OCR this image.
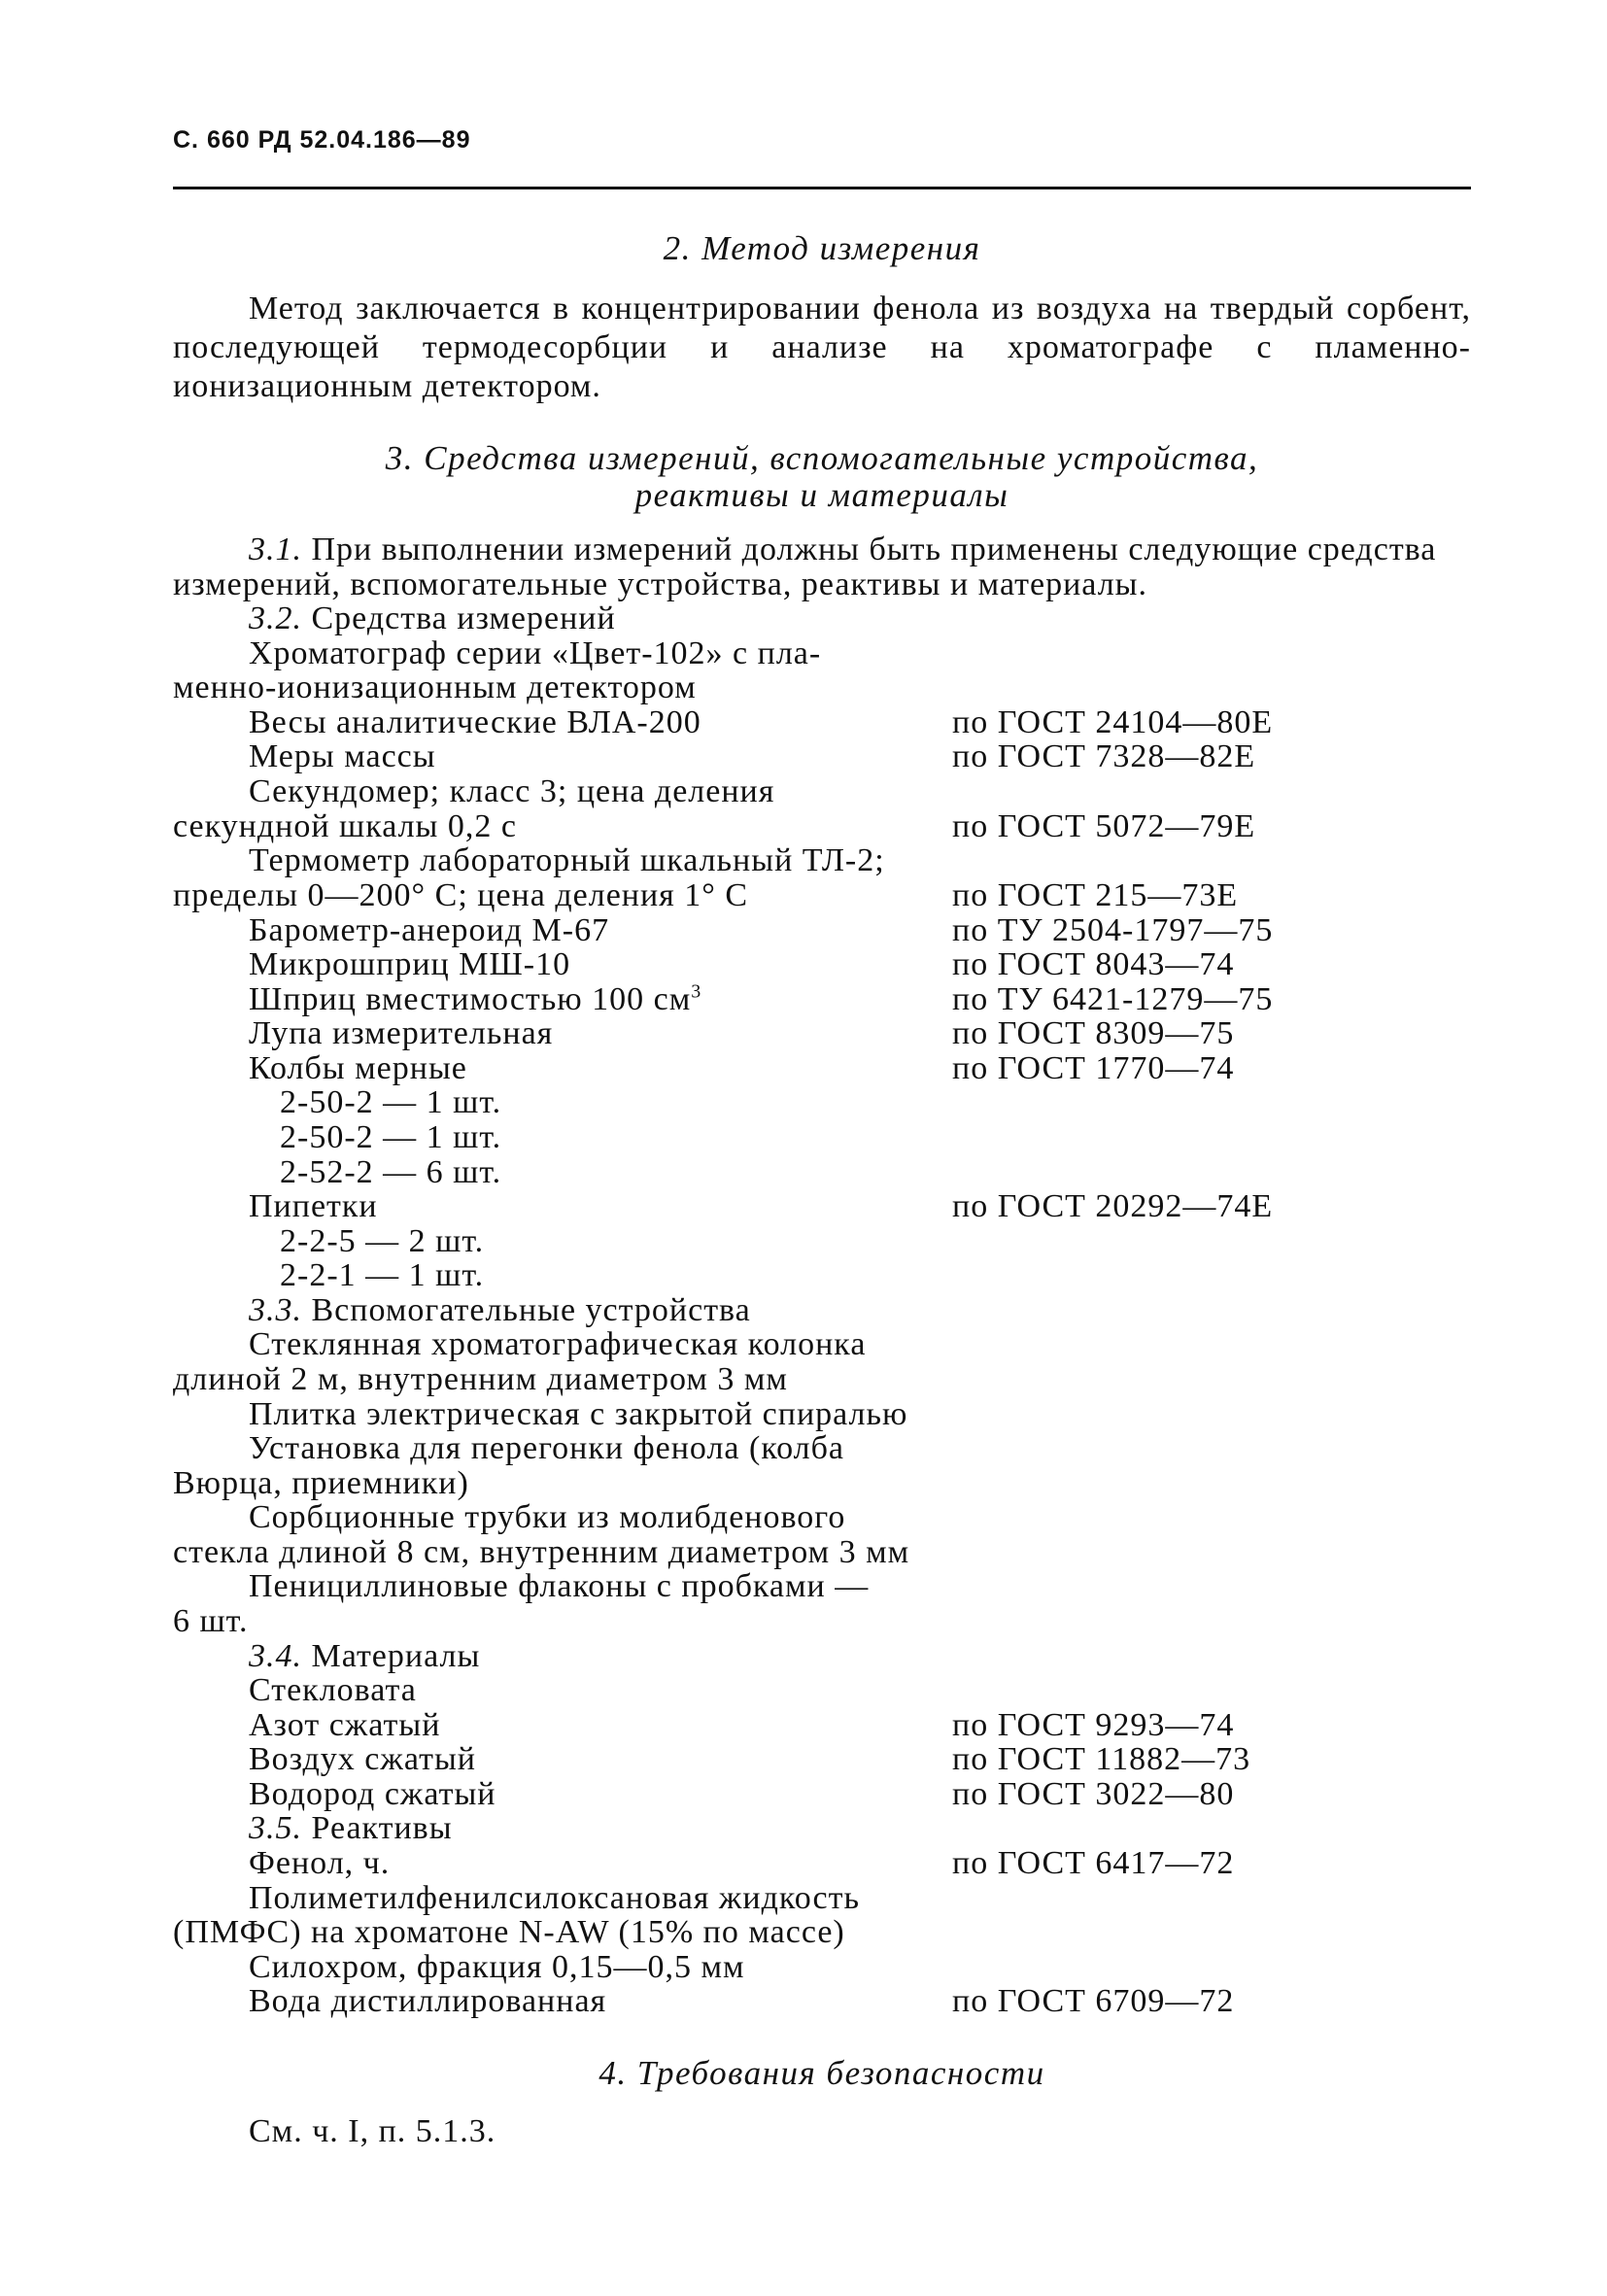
С. 660 РД 52.04.186—89
2. Метод измерения
Метод заключается в концентрировании фенола из воздуха на твердый сорбент, последующей термодесорбции и анализе на хроматографе с пламенно-ионизационным детектором.
3. Средства измерений, вспомогательные устройства,
реактивы и материалы
3.1. При выполнении измерений должны быть применены следующие средства
измерений, вспомогательные устройства, реактивы и материалы.
3.2. Средства измерений
Хроматограф серии «Цвет-102» с пла-
менно-ионизационным детектором
Весы аналитические ВЛА-200	по ГОСТ 24104—80Е
Меры массы	по ГОСТ 7328—82Е
Секундомер; класс 3; цена деления
секундной шкалы 0,2 с	по ГОСТ 5072—79Е
Термометр лабораторный шкальный ТЛ-2;
пределы 0—200° С; цена деления 1° С	по ГОСТ 215—73Е
Барометр-анероид М-67	по ТУ 2504-1797—75
Микрошприц МШ-10	по ГОСТ 8043—74
Шприц вместимостью 100 $см^3$	по ТУ 6421-1279—75
Лупа измерительная	по ГОСТ 8309—75
Колбы мерные	по ГОСТ 1770—74
2-50-2 — 1 шт.
2-50-2 — 1 шт.
2-52-2 — 6 шт.
Пипетки	по ГОСТ 20292—74Е
2-2-5 — 2 шт.
2-2-1 — 1 шт.
3.3. Вспомогательные устройства
Стеклянная хроматографическая колонка
длиной 2 м, внутренним диаметром 3 мм
Плитка электрическая с закрытой спиралью
Установка для перегонки фенола (колба
Вюрца, приемники)
Сорбционные трубки из молибденового
стекла длиной 8 см, внутренним диаметром 3 мм
Пенициллиновые флаконы с пробками —
6 шт.
3.4. Материалы
Стекловата
Азот сжатый	по ГОСТ 9293—74
Воздух сжатый	по ГОСТ 11882—73
Водород сжатый	по ГОСТ 3022—80
3.5. Реактивы
Фенол, ч.	по ГОСТ 6417—72
Полиметилфенилсилоксановая жидкость
(ПМФС) на хроматоне N-AW (15% по массе)
Силохром, фракция 0,15—0,5 мм
Вода дистиллированная	по ГОСТ 6709—72
4. Требования безопасности
См. ч. I, п. 5.1.3.
